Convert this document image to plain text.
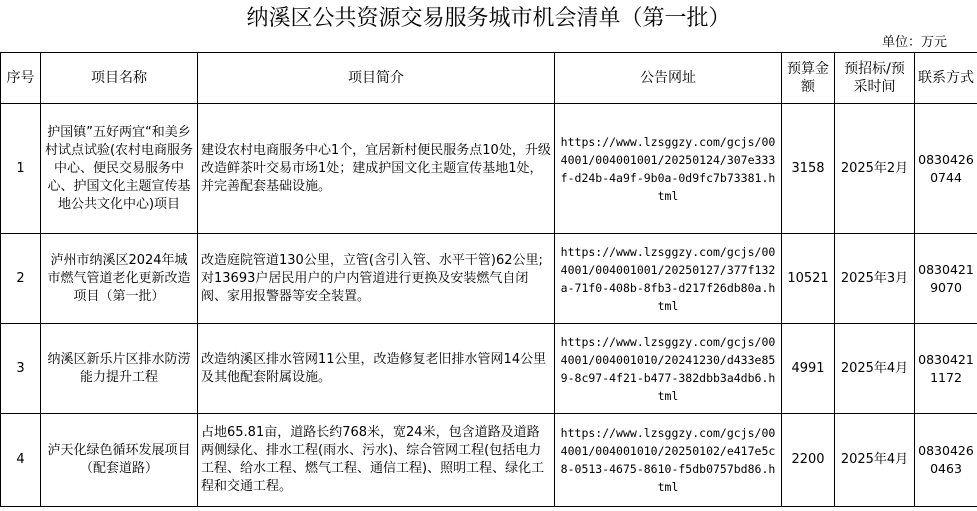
纳溪区公共资源交易服务城市机会清单（第一批）
单位：万元
序号	项目名称	项目简介	公告网址	预算金额	预招标/预采时间	联系方式
1	护国镇”五好两宜“和美乡村试点试验(农村电商服务中心、便民交易服务中心、护国文化主题宣传基地公共文化中心)项目	建设农村电商服务中心1个，宜居新村便民服务点10处，升级改造鲜茶叶交易市场1处；建成护国文化主题宣传基地1处，并完善配套基础设施。	https://www.lzsggzy.com/gcjs/004001/004001001/20250124/307e333f-d24b-4a9f-9b0a-0d9fc7b73381.html	3158	2025年2月	08304260744
2	泸州市纳溪区2024年城市燃气管道老化更新改造项目（第一批）	改造庭院管道130公里，立管(含引入管、水平干管)62公里;对13693户居民用户的户内管道进行更换及安装燃气自闭阀、家用报警器等安全装置。	https://www.lzsggzy.com/gcjs/004001/004001001/20250127/377f132a-71f0-408b-8fb3-d217f26db80a.html	10521	2025年3月	08304219070
3	纳溪区新乐片区排水防涝能力提升工程	改造纳溪区排水管网11公里，改造修复老旧排水管网14公里及其他配套附属设施。	https://www.lzsggzy.com/gcjs/004001/004001010/20241230/d433e859-8c97-4f21-b477-382dbb3a4db6.html	4991	2025年4月	08304211172
4	泸天化绿色循环发展项目（配套道路）	占地65.81亩，道路长约768米，宽24米，包含道路及道路两侧绿化、排水工程(雨水、污水)、综合管网工程(包括电力工程、给水工程、燃气工程、通信工程)、照明工程、绿化工程和交通工程。	https://www.lzsggzy.com/gcjs/004001/004001010/20250102/e417e5c8-0513-4675-8610-f5db0757bd86.html	2200	2025年4月	08304260463
